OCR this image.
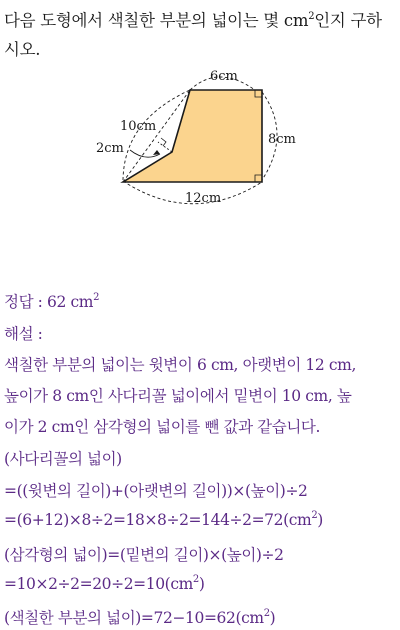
다음 도형에서 색칠한 부분의 넓이는 몇 $cm^2$인지 구하시오.
6cm
8cm
12cm
10cm
2cm
정답 : 62 $cm^2$
해설 :
색칠한 부분의 넓이는 윗변이 6 cm, 아랫변이 12 cm,
높이가 8 cm인 사다리꼴 넓이에서 밑변이 10 cm, 높
이가 2 cm인 삼각형의 넓이를 뺀 값과 같습니다.
(사다리꼴의 넓이)
=((윗변의 길이)+(아랫변의 길이))×(높이)÷2
$=(6+12)\times 8\div 2=18\times 8\div 2=144\div 2=72(cm^2)$
(삼각형의 넓이)=(밑변의 길이)×(높이)÷2
$=10\times 2\div 2=20\div 2=10(cm^2)$
(색칠한 부분의 넓이)$=72-10=62(cm^2)$
